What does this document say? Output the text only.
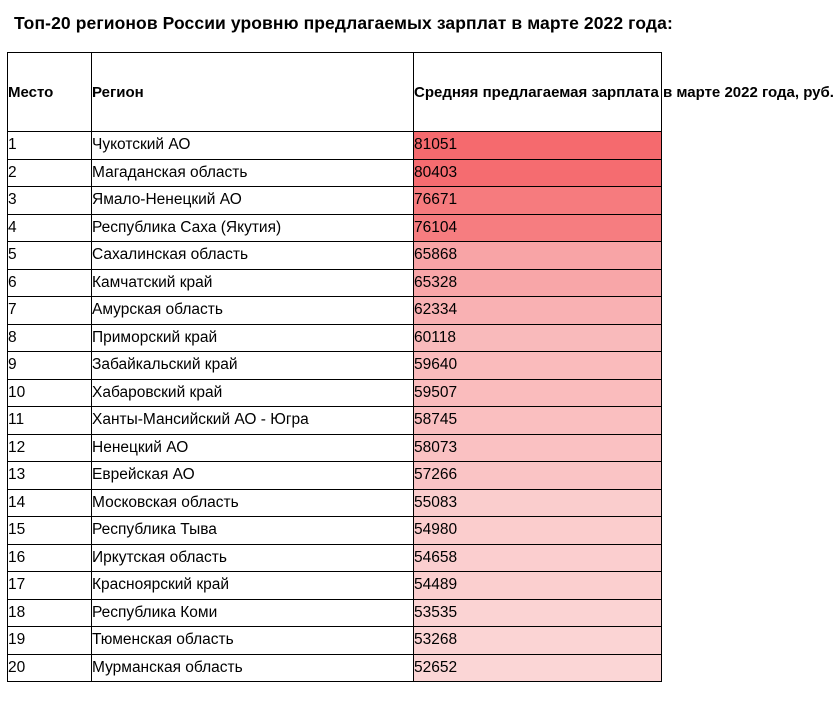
Топ-20 регионов России уровню предлагаемых зарплат в марте 2022 года:
Место	Регион	Средняя предлагаемая зарплата в марте 2022 года, руб.
1	Чукотский АО	81051
2	Магаданская область	80403
3	Ямало-Ненецкий АО	76671
4	Республика Саха (Якутия)	76104
5	Сахалинская область	65868
6	Камчатский край	65328
7	Амурская область	62334
8	Приморский край	60118
9	Забайкальский край	59640
10	Хабаровский край	59507
11	Ханты-Мансийский АО - Югра	58745
12	Ненецкий АО	58073
13	Еврейская АО	57266
14	Московская область	55083
15	Республика Тыва	54980
16	Иркутская область	54658
17	Красноярский край	54489
18	Республика Коми	53535
19	Тюменская область	53268
20	Мурманская область	52652
